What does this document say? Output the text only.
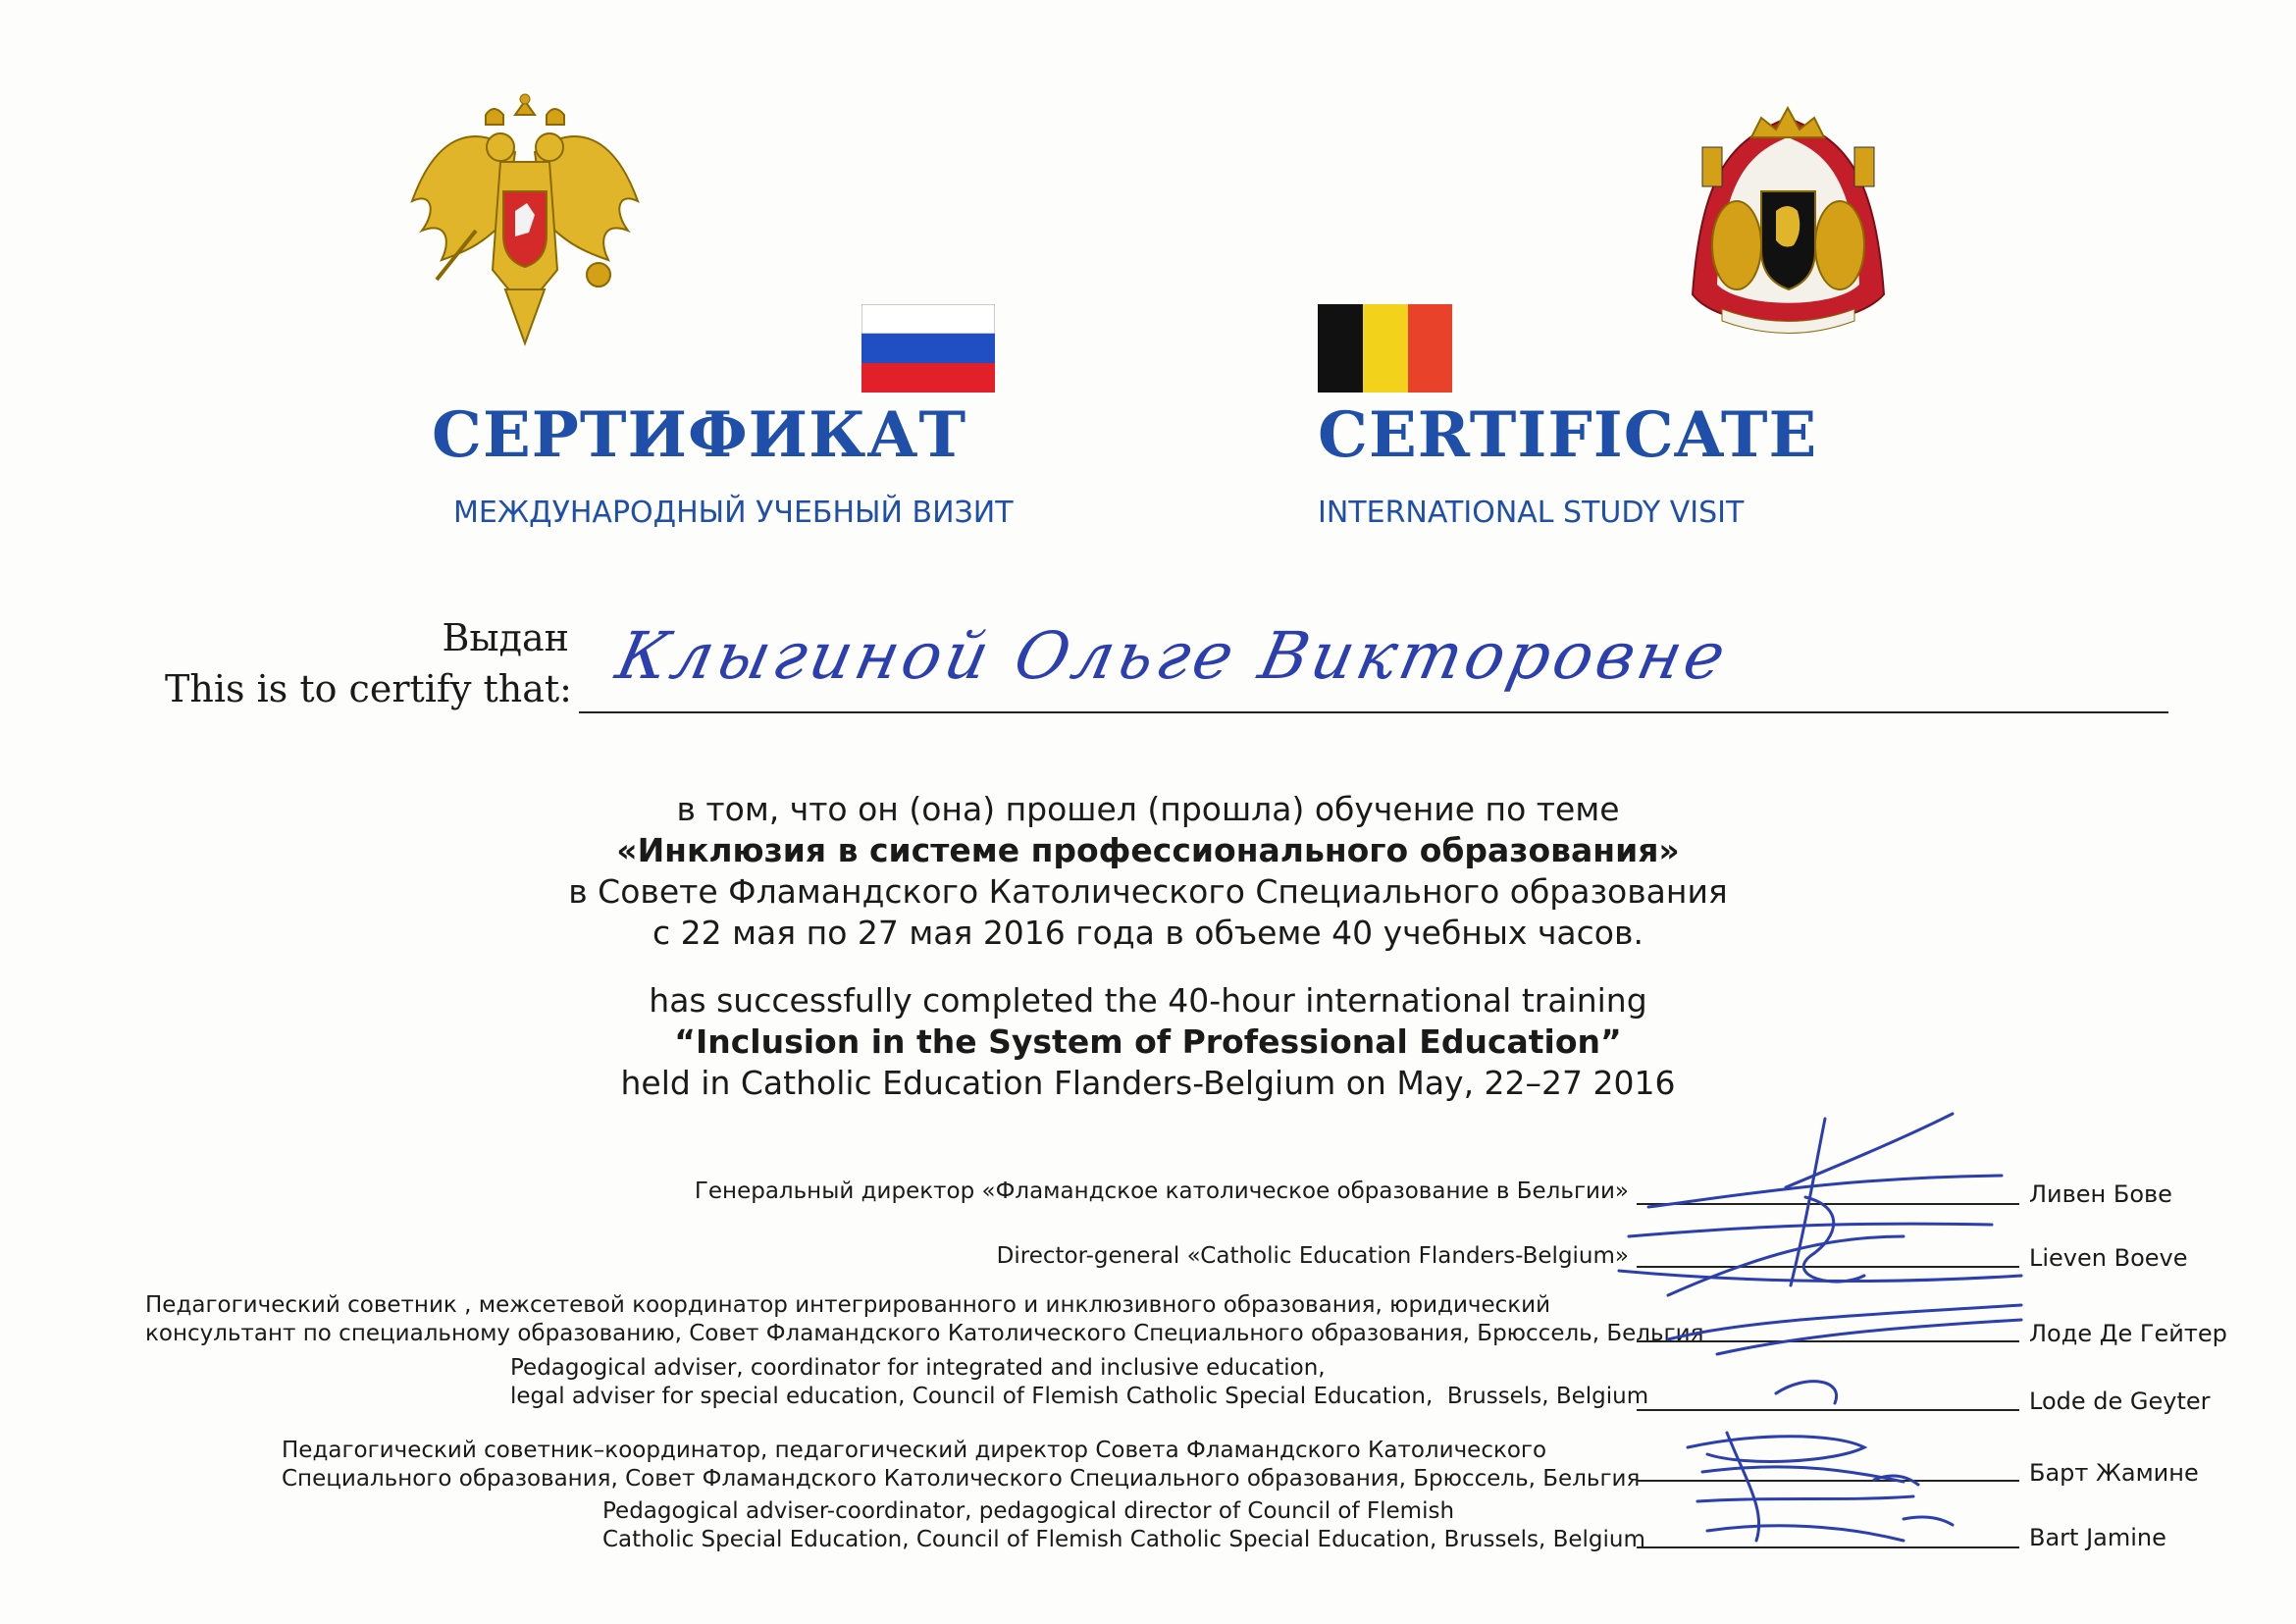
СЕРТИФИКАТ
МЕЖДУНАРОДНЫЙ УЧЕБНЫЙ ВИЗИТ
CERTIFICATE
INTERNATIONAL STUDY VISIT
Выдан
This is to certify that: Клыгиной Ольге Викторовне
в том, что он (она) прошел (прошла) обучение по теме
«Инклюзия в системе профессионального образования»
в Совете Фламандского Католического Специального образования
с 22 мая по 27 мая 2016 года в объеме 40 учебных часов.
has successfully completed the 40-hour international training
“Inclusion in the System of Professional Education”
held in Catholic Education Flanders-Belgium on May, 22–27 2016
Генеральный директор «Фламандское католическое образование в Бельгии»	Ливен Бове
Director-general «Catholic Education Flanders-Belgium»	Lieven Boeve
Педагогический советник , межсетевой координатор интегрированного и инклюзивного образования, юридический
консультант по специальному образованию, Совет Фламандского Католического Специального образования, Брюссель, Бельгия	Лоде Де Гейтер
Pedagogical adviser, coordinator for integrated and inclusive education,
legal adviser for special education, Council of Flemish Catholic Special Education,  Brussels, Belgium	Lode de Geyter
Педагогический советник–координатор, педагогический директор Совета Фламандского Католического
Специального образования, Совет Фламандского Католического Специального образования, Брюссель, Бельгия	Барт Жамине
Pedagogical adviser-coordinator, pedagogical director of Council of Flemish
Catholic Special Education, Council of Flemish Catholic Special Education, Brussels, Belgium	Bart Jamine
